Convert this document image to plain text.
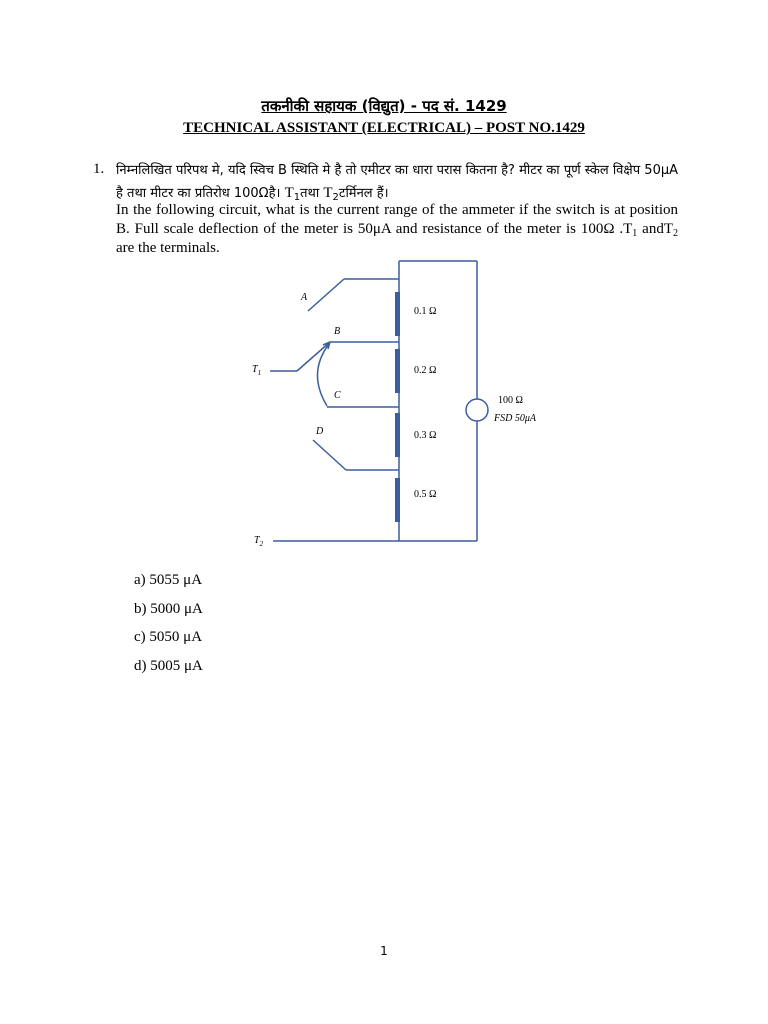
तकनीकी सहायक (विद्युत) - पद सं. 1429
TECHNICAL ASSISTANT (ELECTRICAL) – POST NO.1429
1. निम्नलिखित परिपथ मे, यदि स्विच B स्थिति मे है तो एमीटर का धारा परास कितना है? मीटर का पूर्ण स्केल विक्षेप 50μA है तथा मीटर का प्रतिरोध 100Ωहै। $T_1तथा$ $T_2टर्मिनल$ हैं।
In the following circuit, what is the current range of the ammeter if the switch is at position B. Full scale deflection of the meter is 50μA and resistance of the meter is 100Ω $.T_1$ andT$_2$ are the terminals.
A
B
C
D
$T_1$
$T_2$
0.1 Ω
0.2 Ω
0.3 Ω
0.5 Ω
100 Ω
FSD 50μA
a) 5055 μA
b) 5000 μA
c) 5050 μA
d) 5005 μA
1
